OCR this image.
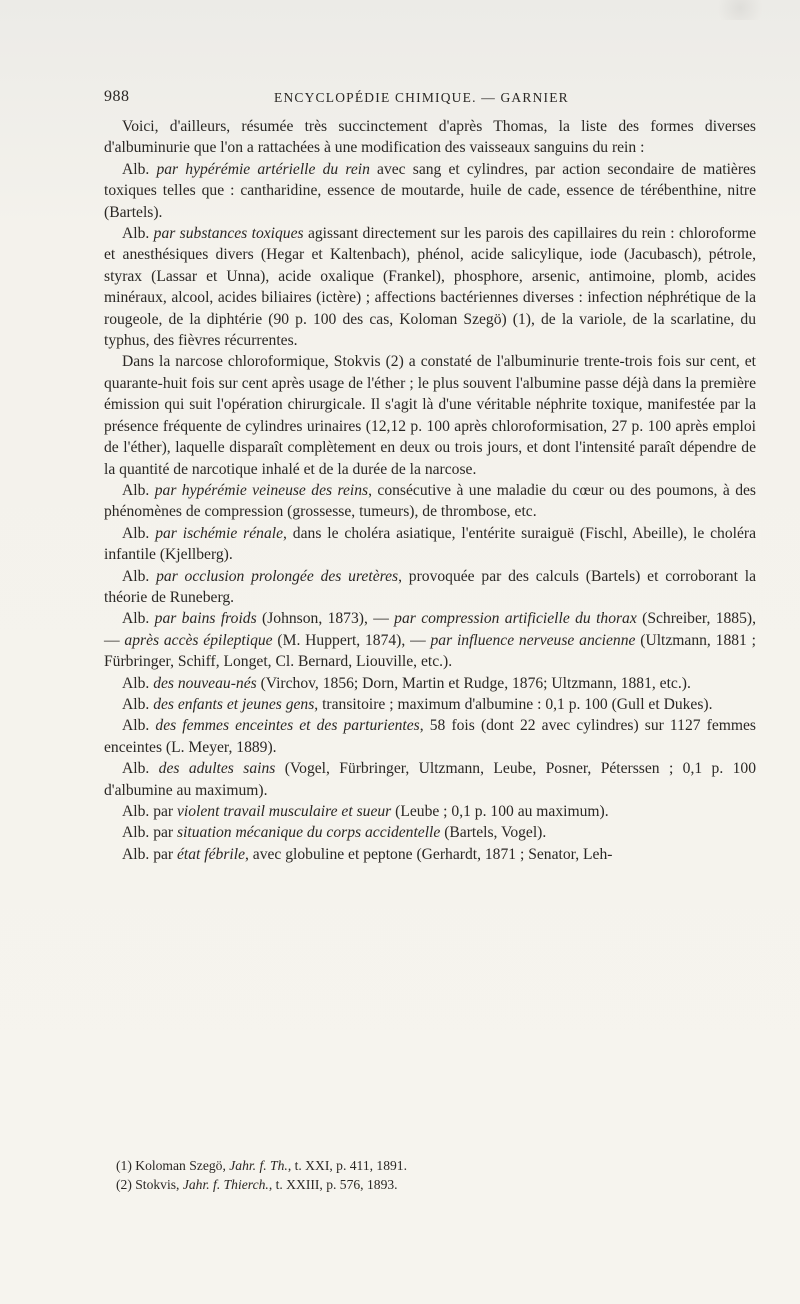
988	ENCYCLOPÉDIE CHIMIQUE. — GARNIER

Voici, d'ailleurs, résumée très succinctement d'après Thomas, la liste des formes diverses d'albuminurie que l'on a rattachées à une modification des vaisseaux sanguins du rein :

Alb. par hypérémie artérielle du rein avec sang et cylindres, par action secondaire de matières toxiques telles que : cantharidine, essence de moutarde, huile de cade, essence de térébenthine, nitre (Bartels).

Alb. par substances toxiques agissant directement sur les parois des capillaires du rein : chloroforme et anesthésiques divers (Hegar et Kaltenbach), phénol, acide salicylique, iode (Jacubasch), pétrole, styrax (Lassar et Unna), acide oxalique (Frankel), phosphore, arsenic, antimoine, plomb, acides minéraux, alcool, acides biliaires (ictère) ; affections bactériennes diverses : infection néphrétique de la rougeole, de la diphtérie (90 p. 100 des cas, Koloman Szegö) (1), de la variole, de la scarlatine, du typhus, des fièvres récurrentes.

Dans la narcose chloroformique, Stokvis (2) a constaté de l'albuminurie trente-trois fois sur cent, et quarante-huit fois sur cent après usage de l'éther ; le plus souvent l'albumine passe déjà dans la première émission qui suit l'opération chirurgicale. Il s'agit là d'une véritable néphrite toxique, manifestée par la présence fréquente de cylindres urinaires (12,12 p. 100 après chloroformisation, 27 p. 100 après emploi de l'éther), laquelle disparaît complètement en deux ou trois jours, et dont l'intensité paraît dépendre de la quantité de narcotique inhalé et de la durée de la narcose.

Alb. par hypérémie veineuse des reins, consécutive à une maladie du cœur ou des poumons, à des phénomènes de compression (grossesse, tumeurs), de thrombose, etc.

Alb. par ischémie rénale, dans le choléra asiatique, l'entérite suraiguë (Fischl, Abeille), le choléra infantile (Kjellberg).

Alb. par occlusion prolongée des uretères, provoquée par des calculs (Bartels) et corroborant la théorie de Runeberg.

Alb. par bains froids (Johnson, 1873), — par compression artificielle du thorax (Schreiber, 1885), — après accès épileptique (M. Huppert, 1874), — par influence nerveuse ancienne (Ultzmann, 1881 ; Fürbringer, Schiff, Longet, Cl. Bernard, Liouville, etc.).

Alb. des nouveau-nés (Virchov, 1856; Dorn, Martin et Rudge, 1876; Ultzmann, 1881, etc.).

Alb. des enfants et jeunes gens, transitoire ; maximum d'albumine : 0,1 p. 100 (Gull et Dukes).

Alb. des femmes enceintes et des parturientes, 58 fois (dont 22 avec cylindres) sur 1127 femmes enceintes (L. Meyer, 1889).

Alb. des adultes sains (Vogel, Fürbringer, Ultzmann, Leube, Posner, Péterssen ; 0,1 p. 100 d'albumine au maximum).

Alb. par violent travail musculaire et sueur (Leube ; 0,1 p. 100 au maximum).

Alb. par situation mécanique du corps accidentelle (Bartels, Vogel).

Alb. par état fébrile, avec globuline et peptone (Gerhardt, 1871 ; Senator, Leh-

(1) Koloman Szegö, Jahr. f. Th., t. XXI, p. 411, 1891.
(2) Stokvis, Jahr. f. Thierch., t. XXIII, p. 576, 1893.
